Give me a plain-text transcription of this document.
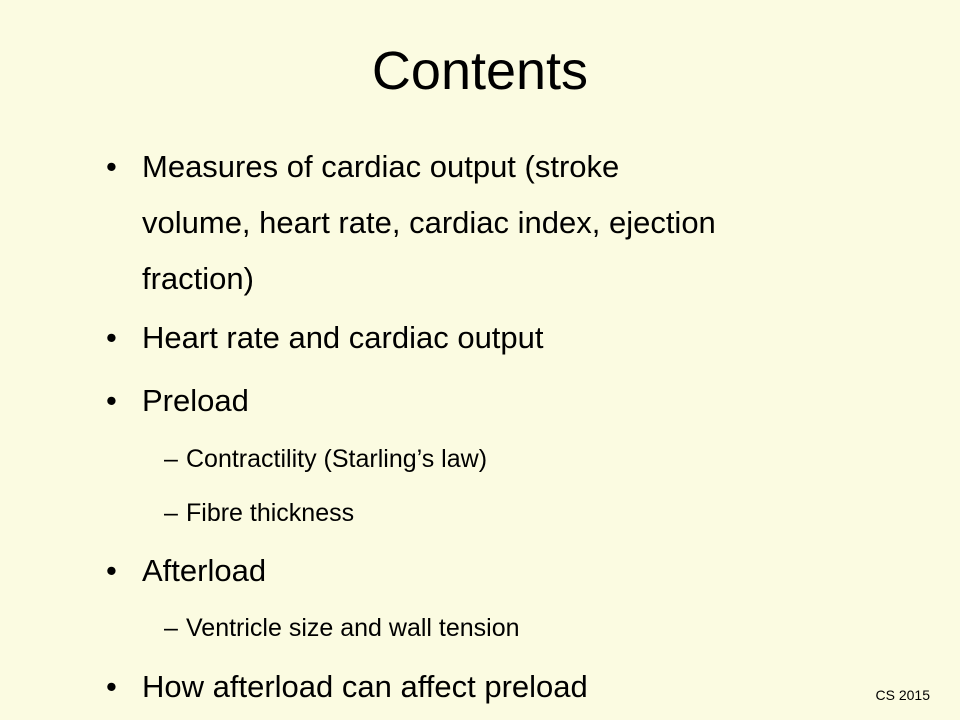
Contents
• Measures of cardiac output (stroke
volume, heart rate, cardiac index, ejection
fraction)
• Heart rate and cardiac output
• Preload
– Contractility (Starling’s law)
– Fibre thickness
• Afterload
– Ventricle size and wall tension
• How afterload can affect preload	CS 2015
